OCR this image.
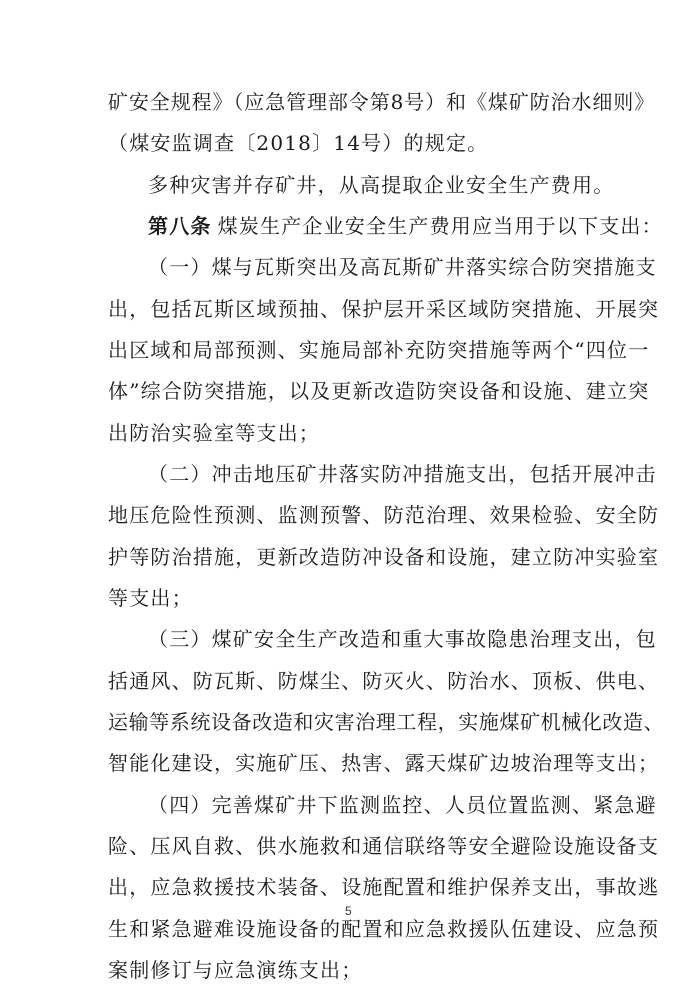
矿安全规程》（应急管理部令第8号）和《煤矿防治水细则》
（煤安监调查〔2018〕14号）的规定。
多种灾害并存矿井，从高提取企业安全生产费用。
第八条 煤炭生产企业安全生产费用应当用于以下支出：
（一）煤与瓦斯突出及高瓦斯矿井落实综合防突措施支
出，包括瓦斯区域预抽、保护层开采区域防突措施、开展突
出区域和局部预测、实施局部补充防突措施等两个“四位一
体”综合防突措施，以及更新改造防突设备和设施、建立突
出防治实验室等支出；
（二）冲击地压矿井落实防冲措施支出，包括开展冲击
地压危险性预测、监测预警、防范治理、效果检验、安全防
护等防治措施，更新改造防冲设备和设施，建立防冲实验室
等支出；
（三）煤矿安全生产改造和重大事故隐患治理支出，包
括通风、防瓦斯、防煤尘、防灭火、防治水、顶板、供电、
运输等系统设备改造和灾害治理工程，实施煤矿机械化改造、
智能化建设，实施矿压、热害、露天煤矿边坡治理等支出；
（四）完善煤矿井下监测监控、人员位置监测、紧急避
险、压风自救、供水施救和通信联络等安全避险设施设备支
出，应急救援技术装备、设施配置和维护保养支出，事故逃
生和紧急避难设施设备的配置和应急救援队伍建设、应急预
案制修订与应急演练支出；
5
